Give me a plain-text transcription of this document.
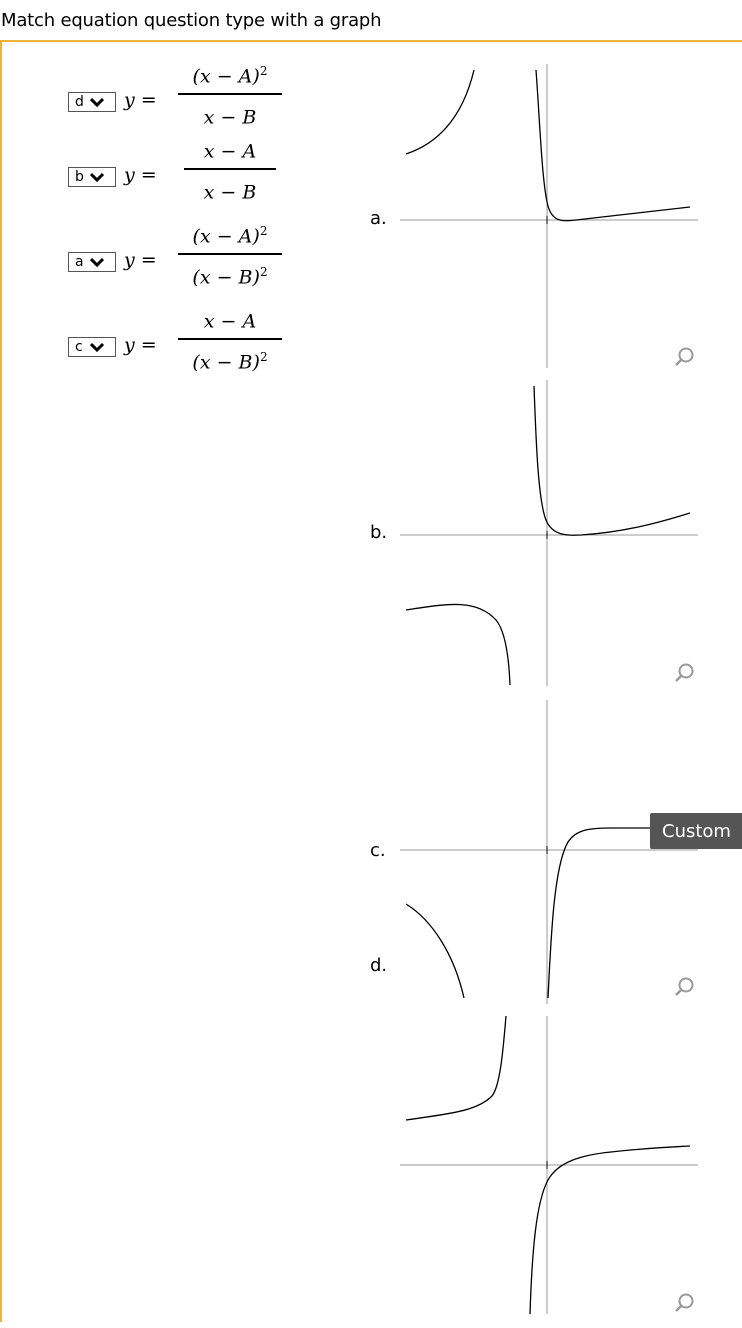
Match equation question type with a graph
d y =
$(x - A)^2$
x − B
b y =
x − A
x − B
a y =
$(x - A)^2$
$(x - B)^2$
c y =
x − A
$(x - B)^2$
a.
b.
c.
d.
Custom
